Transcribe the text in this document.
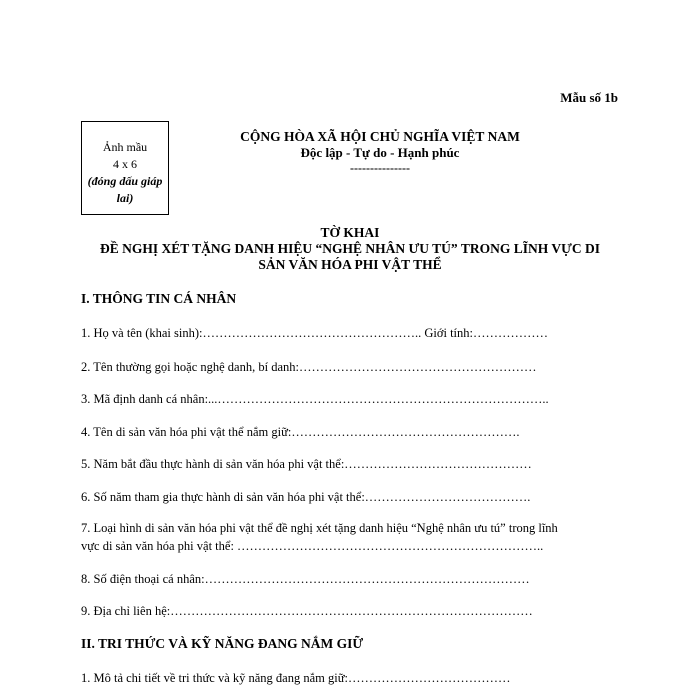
Mẫu số 1b

Ảnh mầu
4 x 6
(đóng dấu giáp
lai)
CỘNG HÒA XÃ HỘI CHỦ NGHĨA VIỆT NAM
Độc lập - Tự do - Hạnh phúc
---------------
TỜ KHAI
ĐỀ NGHỊ XÉT TẶNG DANH HIỆU “NGHỆ NHÂN ƯU TÚ” TRONG LĨNH VỰC DI
SẢN VĂN HÓA PHI VẬT THỂ

I. THÔNG TIN CÁ NHÂN

1. Họ và tên (khai sinh):…………………………………………….. Giới tính:………………
2. Tên thường gọi hoặc nghệ danh, bí danh:…………………………………………………
3. Mã định danh cá nhân:...……………………………………………………………………..
4. Tên di sản văn hóa phi vật thể nắm giữ:……………………………………………….
5. Năm bắt đầu thực hành di sản văn hóa phi vật thể:………………………………………
6. Số năm tham gia thực hành di sản văn hóa phi vật thể:………………………………….
7. Loại hình di sản văn hóa phi vật thể đề nghị xét tặng danh hiệu “Nghệ nhân ưu tú” trong lĩnh
vực di sản văn hóa phi vật thể: ………………………………………………………………..
8. Số điện thoại cá nhân:……………………………………………………………………
9. Địa chỉ liên hệ:……………………………………………………………………………

II. TRI THỨC VÀ KỸ NĂNG ĐANG NẮM GIỮ

1. Mô tả chi tiết về tri thức và kỹ năng đang nắm giữ:…………………………………
